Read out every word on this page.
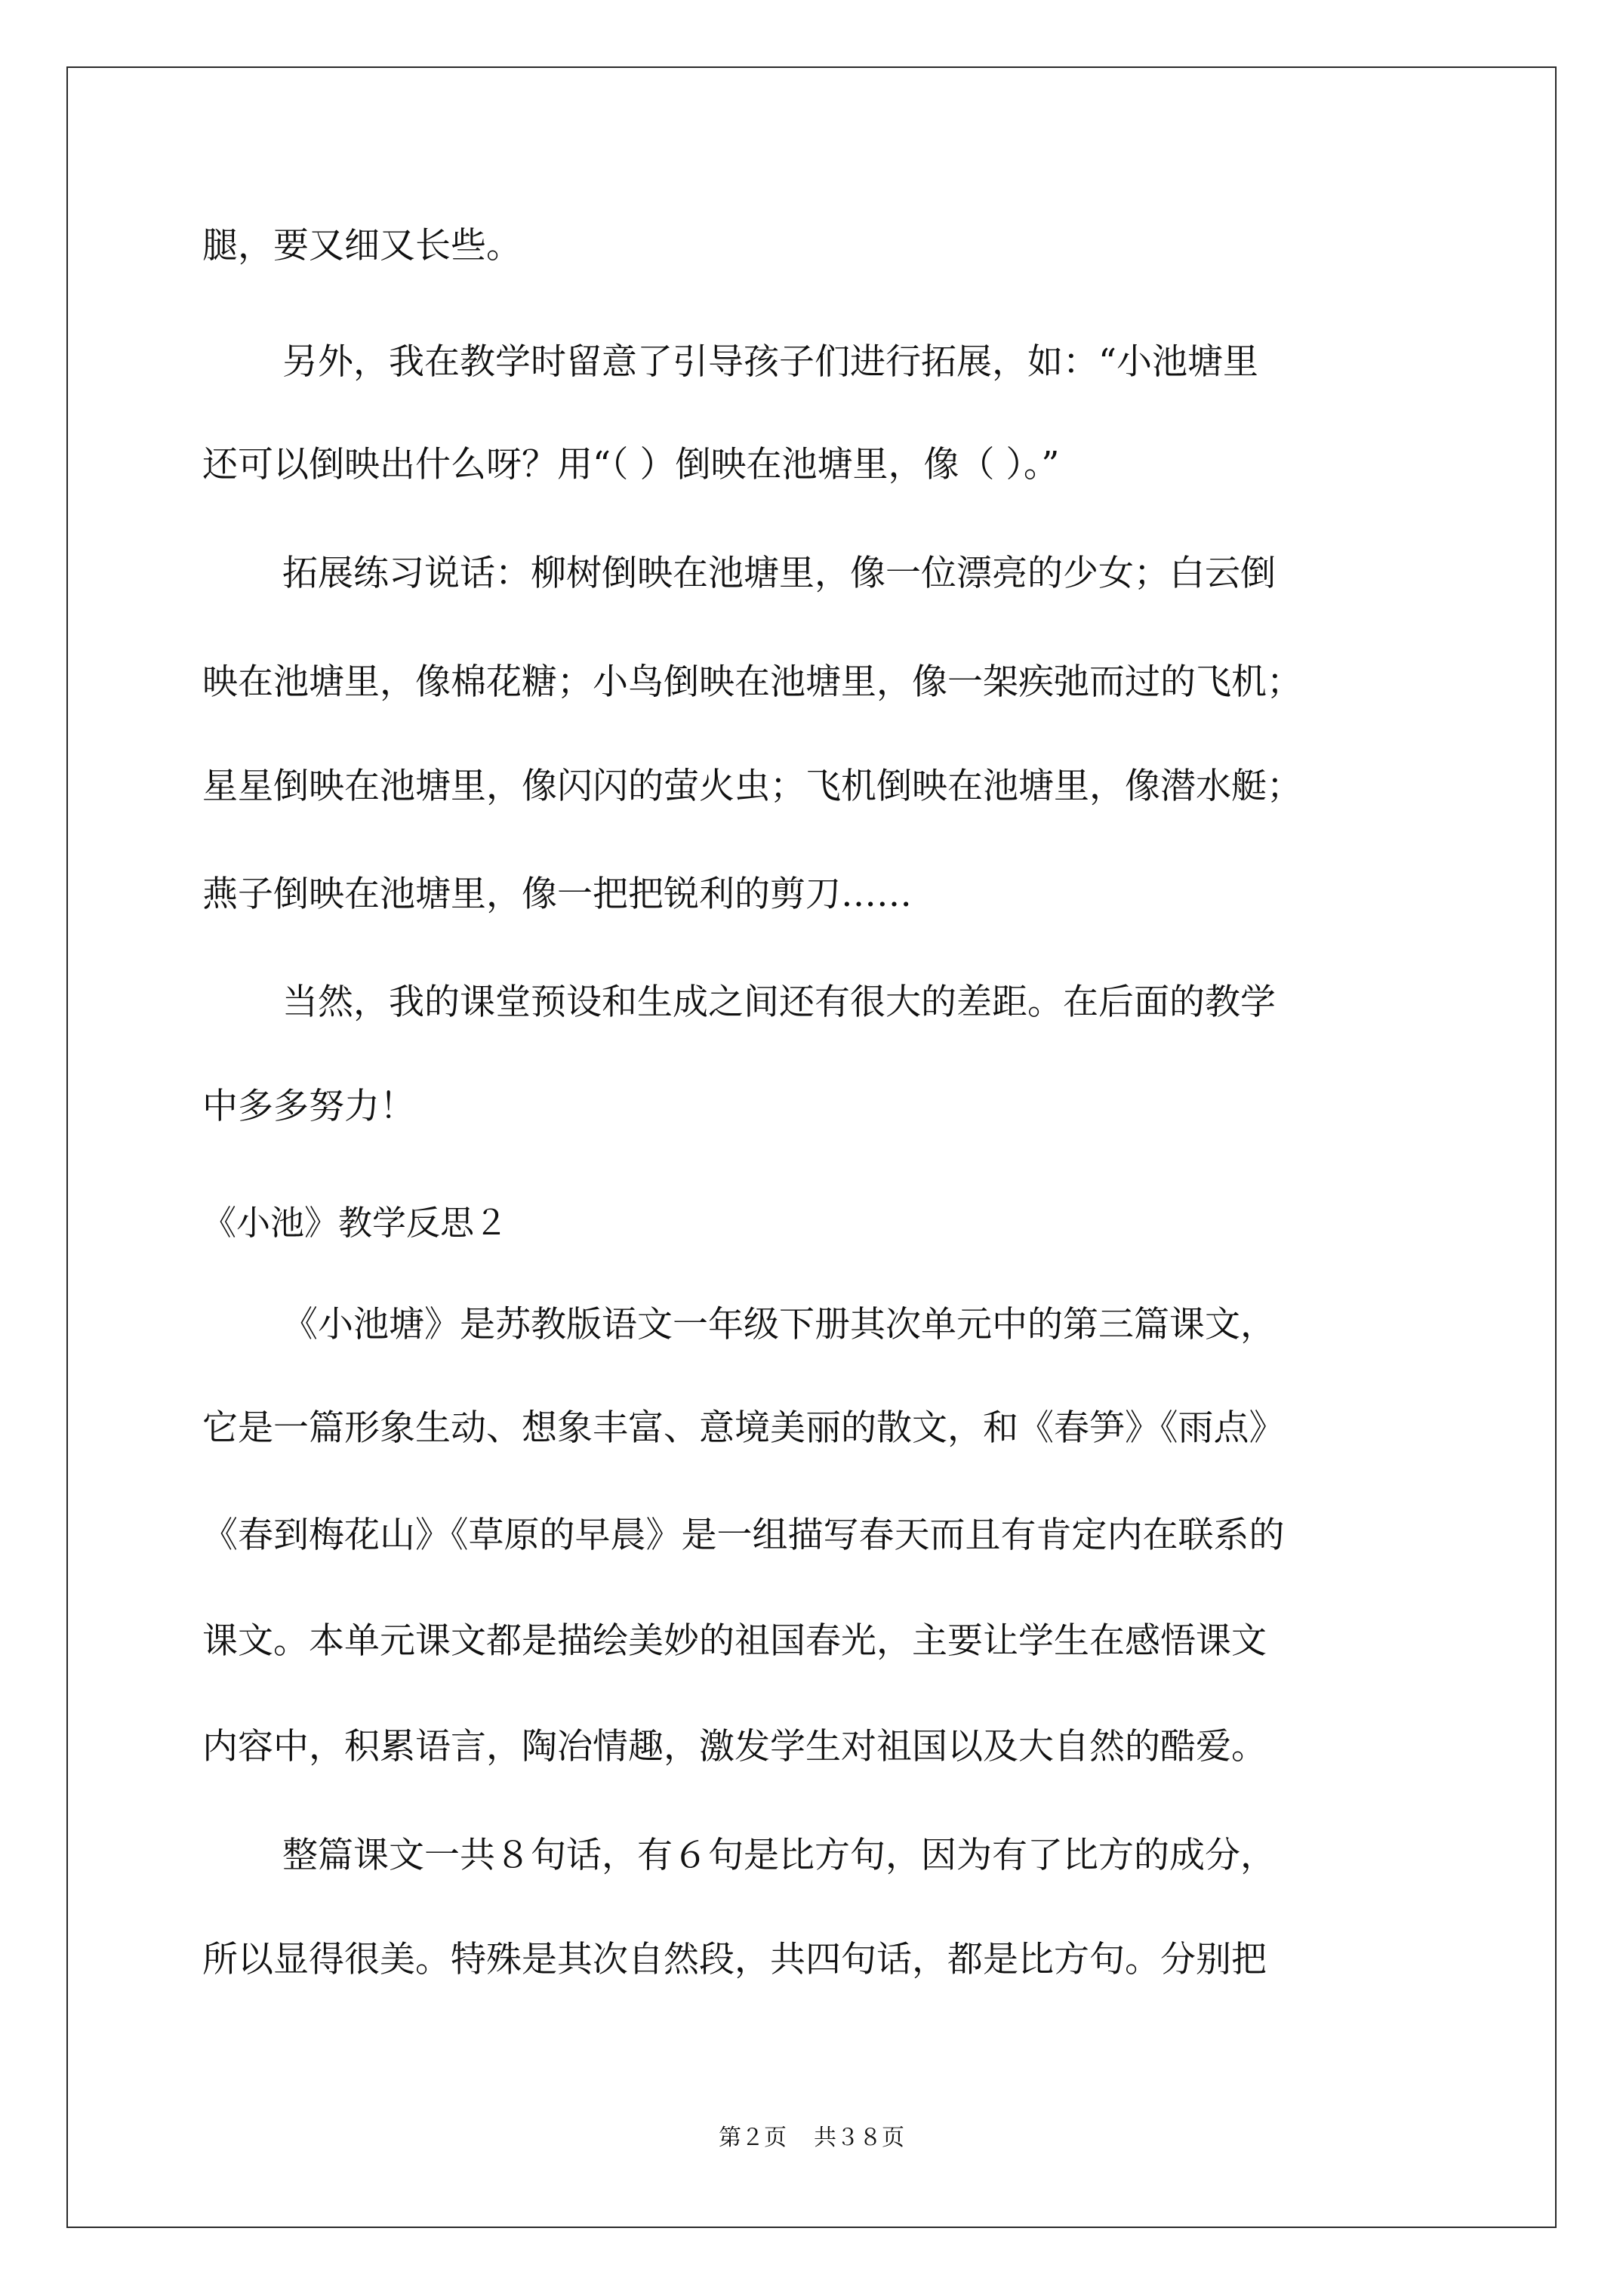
腿，要又细又长些。
另外，我在教学时留意了引导孩子们进行拓展，如：“小池塘里
还可以倒映出什么呀？用“（ ）倒映在池塘里，像（ ）。”
拓展练习说话：柳树倒映在池塘里，像一位漂亮的少女；白云倒
映在池塘里，像棉花糖；小鸟倒映在池塘里，像一架疾弛而过的飞机；
星星倒映在池塘里，像闪闪的萤火虫；飞机倒映在池塘里，像潜水艇；
燕子倒映在池塘里，像一把把锐利的剪刀……
当然，我的课堂预设和生成之间还有很大的差距。在后面的教学
中多多努力！
《小池》教学反思２
《小池塘》是苏教版语文一年级下册其次单元中的第三篇课文，
它是一篇形象生动、想象丰富、意境美丽的散文，和《春笋》《雨点》
《春到梅花山》《草原的早晨》是一组描写春天而且有肯定内在联系的
课文。本单元课文都是描绘美妙的祖国春光，主要让学生在感悟课文
内容中，积累语言，陶冶情趣，激发学生对祖国以及大自然的酷爱。
整篇课文一共８句话，有６句是比方句，因为有了比方的成分，
所以显得很美。特殊是其次自然段，共四句话，都是比方句。分别把
第２页 共３８页
